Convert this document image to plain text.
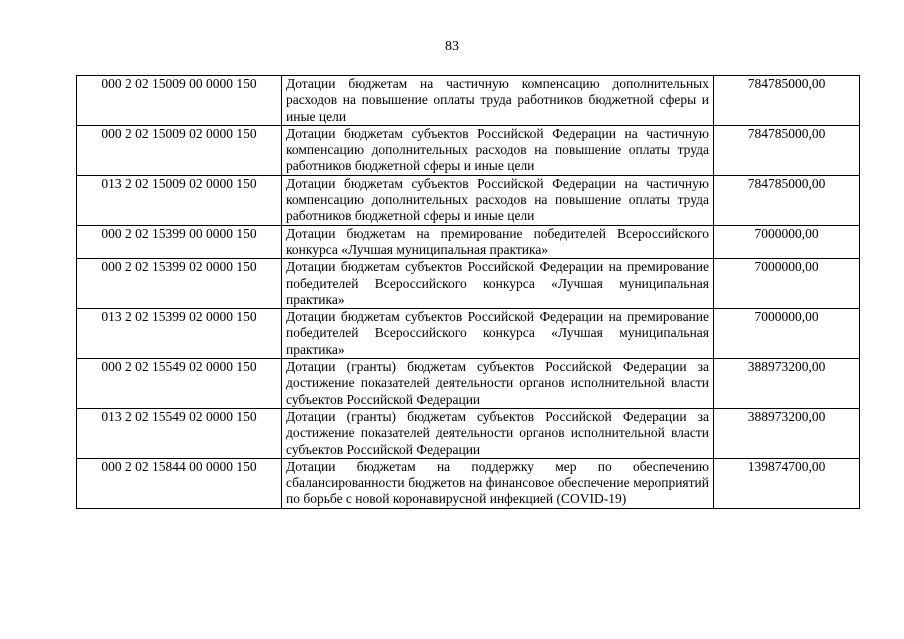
83
000 2 02 15009 00 0000 150	Дотации бюджетам на частичную компенсацию дополнительных расходов на повышение оплаты труда работников бюджетной сферы и иные цели	784785000,00
000 2 02 15009 02 0000 150	Дотации бюджетам субъектов Российской Федерации на частичную компенсацию дополнительных расходов на повышение оплаты труда работников бюджетной сферы и иные цели	784785000,00
013 2 02 15009 02 0000 150	Дотации бюджетам субъектов Российской Федерации на частичную компенсацию дополнительных расходов на повышение оплаты труда работников бюджетной сферы и иные цели	784785000,00
000 2 02 15399 00 0000 150	Дотации бюджетам на премирование победителей Всероссийского конкурса «Лучшая муниципальная практика»	7000000,00
000 2 02 15399 02 0000 150	Дотации бюджетам субъектов Российской Федерации на премирование победителей Всероссийского конкурса «Лучшая муниципальная практика»	7000000,00
013 2 02 15399 02 0000 150	Дотации бюджетам субъектов Российской Федерации на премирование победителей Всероссийского конкурса «Лучшая муниципальная практика»	7000000,00
000 2 02 15549 02 0000 150	Дотации (гранты) бюджетам субъектов Российской Федерации за достижение показателей деятельности органов исполнительной власти субъектов Российской Федерации	388973200,00
013 2 02 15549 02 0000 150	Дотации (гранты) бюджетам субъектов Российской Федерации за достижение показателей деятельности органов исполнительной власти субъектов Российской Федерации	388973200,00
000 2 02 15844 00 0000 150	Дотации бюджетам на поддержку мер по обеспечению сбалансированности бюджетов на финансовое обеспечение мероприятий по борьбе с новой коронавирусной инфекцией (COVID-19)	139874700,00
